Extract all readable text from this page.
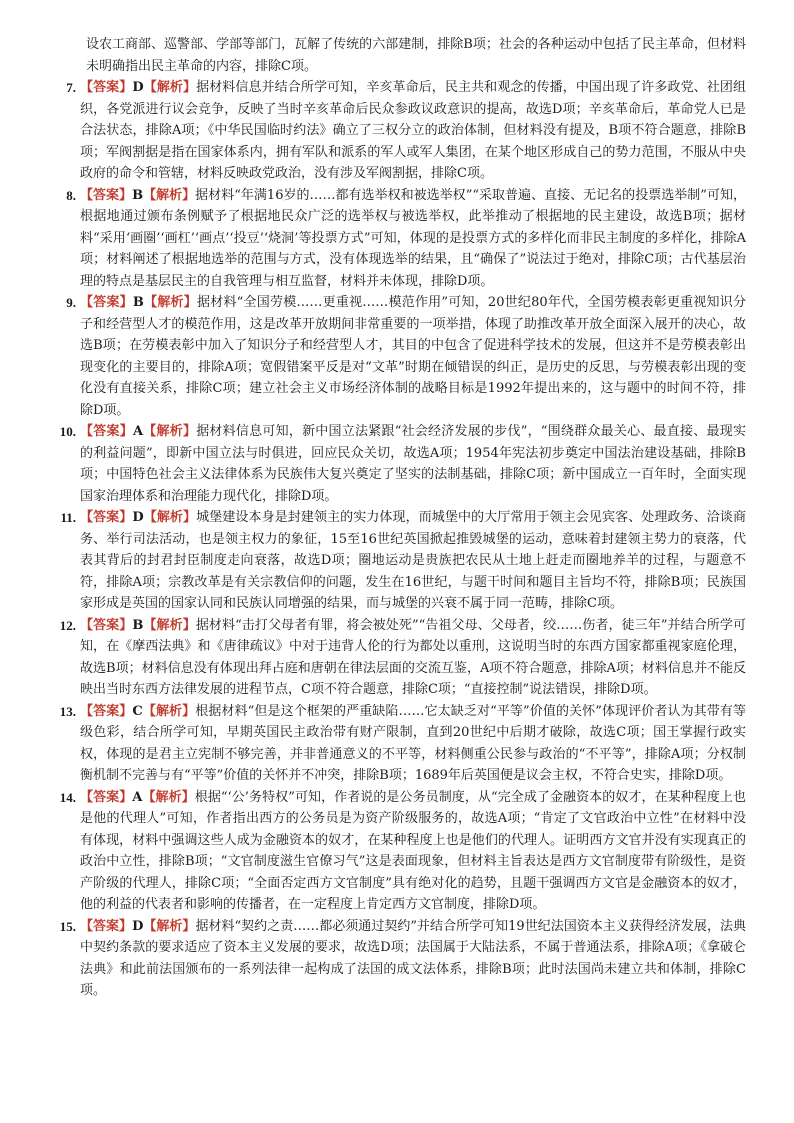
设农工商部、巡警部、学部等部门，瓦解了传统的六部建制，排除B项；社会的各种运动中包括了民主革命，但材料未明确指出民主革命的内容，排除C项。

7. 【答案】D【解析】据材料信息并结合所学可知，辛亥革命后，民主共和观念的传播，中国出现了许多政党、社团组织，各党派进行议会竞争，反映了当时辛亥革命后民众参政议政意识的提高，故选D项；辛亥革命后，革命党人已是合法状态，排除A项；《中华民国临时约法》确立了三权分立的政治体制，但材料没有提及，B项不符合题意，排除B项；军阀割据是指在国家体系内，拥有军队和派系的军人或军人集团，在某个地区形成自己的势力范围，不服从中央政府的命令和管辖，材料反映政党政治，没有涉及军阀割据，排除C项。
8. 【答案】B【解析】据材料“年满16岁的……都有选举权和被选举权”“采取普遍、直接、无记名的投票选举制”可知，根据地通过颁布条例赋予了根据地民众广泛的选举权与被选举权，此举推动了根据地的民主建设，故选B项；据材料“采用‘画圈’‘画杠’‘画点’‘投豆’‘烧洞’等投票方式”可知，体现的是投票方式的多样化而非民主制度的多样化，排除A项；材料阐述了根据地选举的范围与方式，没有体现选举的结果，且“确保了”说法过于绝对，排除C项；古代基层治理的特点是基层民主的自我管理与相互监督，材料并未体现，排除D项。
9. 【答案】B【解析】据材料“全国劳模……更重视……模范作用”可知，20世纪80年代，全国劳模表彰更重视知识分子和经营型人才的模范作用，这是改革开放期间非常重要的一项举措，体现了助推改革开放全面深入展开的决心，故选B项；在劳模表彰中加入了知识分子和经营型人才，其目的中包含了促进科学技术的发展，但这并不是劳模表彰出现变化的主要目的，排除A项；宽假错案平反是对“文革”时期在倾错误的纠正，是历史的反思，与劳模表彰出现的变化没有直接关系，排除C项；建立社会主义市场经济体制的战略目标是1992年提出来的，这与题中的时间不符，排除D项。
10. 【答案】A【解析】据材料信息可知，新中国立法紧跟“社会经济发展的步伐”，“围绕群众最关心、最直接、最现实的利益问题”，即新中国立法与时俱进，回应民众关切，故选A项；1954年宪法初步奠定中国法治建设基础，排除B项；中国特色社会主义法律体系为民族伟大复兴奠定了坚实的法制基础，排除C项；新中国成立一百年时，全面实现国家治理体系和治理能力现代化，排除D项。
11. 【答案】D【解析】城堡建设本身是封建领主的实力体现，而城堡中的大厅常用于领主会见宾客、处理政务、洽谈商务、举行司法活动，也是领主权力的象征，15至16世纪英国掀起推毁城堡的运动，意味着封建领主势力的衰落，代表其背后的封君封臣制度走向衰落，故选D项；圈地运动是贵族把农民从土地上赶走而圈地养羊的过程，与题意不符，排除A项；宗教改革是有关宗教信仰的问题，发生在16世纪，与题干时间和题目主旨均不符，排除B项；民族国家形成是英国的国家认同和民族认同增强的结果，而与城堡的兴衰不属于同一范畴，排除C项。
12. 【答案】B【解析】据材料“击打父母者有罪，将会被处死”“告祖父母、父母者，绞……伤者，徒三年”并结合所学可知，在《摩西法典》和《唐律疏议》中对于违背人伦的行为都处以重刑，这说明当时的东西方国家都重视家庭伦理，故选B项；材料信息没有体现出拜占庭和唐朝在律法层面的交流互鉴，A项不符合题意，排除A项；材料信息并不能反映出当时东西方法律发展的进程节点，C项不符合题意，排除C项；“直接控制”说法错误，排除D项。
13. 【答案】C【解析】根据材料“但是这个框架的严重缺陷……它太缺乏对“平等”价值的关怀”体现评价者认为其带有等级色彩，结合所学可知，早期英国民主政治带有财产限制，直到20世纪中后期才破除，故选C项；国王掌握行政实权，体现的是君主立宪制不够完善，并非普通意义的不平等，材料侧重公民参与政治的“不平等”，排除A项；分权制衡机制不完善与有“平等”价值的关怀并不冲突，排除B项；1689年后英国便是议会主权，不符合史实，排除D项。
14. 【答案】A【解析】根据“‘公’务特权”可知，作者说的是公务员制度，从“完全成了金融资本的奴才，在某种程度上也是他的代理人”可知，作者指出西方的公务员是为资产阶级服务的，故选A项；“肯定了文官政治中立性”在材料中没有体现，材料中强调这些人成为金融资本的奴才，在某种程度上也是他们的代理人。证明西方文官并没有实现真正的政治中立性，排除B项；“文官制度滋生官僚习气”这是表面现象，但材料主旨表达是西方文官制度带有阶级性，是资产阶级的代理人，排除C项；“全面否定西方文官制度”具有绝对化的趋势，且题干强调西方文官是金融资本的奴才，他的利益的代表者和影响的传播者，在一定程度上肯定西方文官制度，排除D项。
15. 【答案】D【解析】据材料“契约之责……都必须通过契约”并结合所学可知19世纪法国资本主义获得经济发展，法典中契约条款的要求适应了资本主义发展的要求，故选D项；法国属于大陆法系，不属于普通法系，排除A项；《拿破仑法典》和此前法国颁布的一系列法律一起构成了法国的成文法体系，排除B项；此时法国尚未建立共和体制，排除C项。
